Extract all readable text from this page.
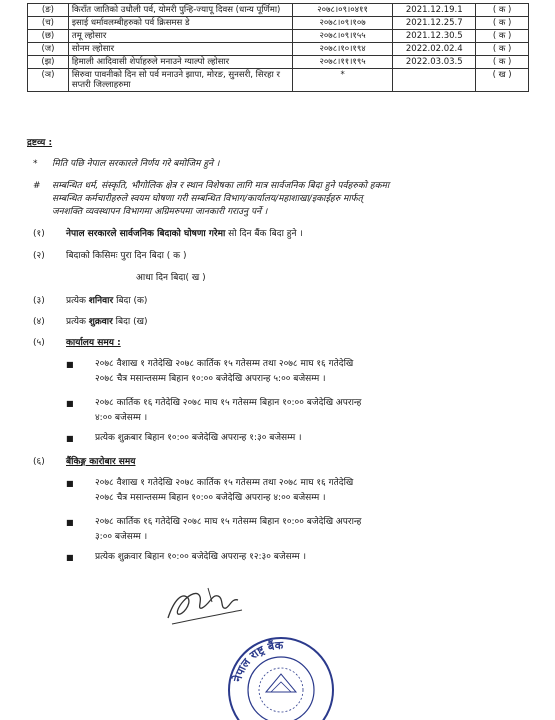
(ङ)	किराँत जातिको उधौली पर्व, योमरी पुन्हि-ज्यापू दिवस (धान्य पूर्णिमा)	२०७८।०९।०४११	2021.12.19.1	( क )
(च)	इसाई धर्मावलम्बीहरुको पर्व क्रिसमस डे	२०७८।०९।१०७	2021.12.25.7	( क )
(छ)	तमू ल्होसार	२०७८।०९।१५५	2021.12.30.5	( क )
(ज)	सोनम ल्होसार	२०७८।१०।१९४	2022.02.02.4	( क )
(झ)	हिमाली आदिवासी शेर्पाहरुले मनाउने ग्याल्पो ल्होसार	२०७८।११।१९५	2022.03.03.5	( क )
(ञ)	सिरुवा पावनीको दिन सो पर्व मनाउने झापा, मोरङ, सुनसरी, सिरहा र सप्तरी जिल्लाहरुमा	*		( ख )
द्रष्टव्य :
* मिति पछि नेपाल सरकारले निर्णय गरे बमोजिम हुने ।
# सम्बन्धित धर्म, संस्कृति, भौगोलिक क्षेत्र र स्थान विशेषका लागि मात्र सार्वजनिक बिदा हुने पर्वहरुको हकमा
सम्बन्धित कर्मचारीहरुले स्वयम घोषणा गरी सम्बन्धित विभाग/कार्यालय/महाशाखा/इकाईहरु मार्फत्
जनशक्ति व्यवस्थापन विभागमा अग्रिमरुपमा जानकारी गराउनु पर्ने ।
(१) नेपाल सरकारले सार्वजनिक बिदाको घोषणा गरेमा सो दिन बैंक बिदा हुने ।
(२) बिदाको किसिमः पुरा दिन बिदा ( क )
आधा दिन बिदा( ख )
(३) प्रत्येक शनिवार बिदा (क)
(४) प्रत्येक शुक्रवार बिदा (ख)
(५) कार्यालय समय :
■ २०७८ वैशाख १ गतेदेखि २०७८ कार्तिक १५ गतेसम्म तथा २०७८ माघ १६ गतेदेखि
२०७८ चैत्र मसान्तसम्म बिहान १०:०० बजेदेखि अपरान्ह ५:०० बजेसम्म ।
■ २०७८ कार्तिक १६ गतेदेखि २०७८ माघ १५ गतेसम्म बिहान १०:०० बजेदेखि अपरान्ह
४:०० बजेसम्म ।
■ प्रत्येक शुक्रबार बिहान १०:०० बजेदेखि अपरान्ह १:३० बजेसम्म ।
(६) बैंकिङ्ग कारोबार समय
■ २०७८ वैशाख १ गतेदेखि २०७८ कार्तिक १५ गतेसम्म तथा २०७८ माघ १६ गतेदेखि
२०७८ चैत्र मसान्तसम्म बिहान १०:०० बजेदेखि अपरान्ह ४:०० बजेसम्म ।
■ २०७८ कार्तिक १६ गतेदेखि २०७८ माघ १५ गतेसम्म बिहान १०:०० बजेदेखि अपरान्ह
३:०० बजेसम्म ।
■ प्रत्येक शुक्रवार बिहान १०:०० बजेदेखि अपरान्ह १२:३० बजेसम्म ।
नेपाल राष्ट्र बैंक
